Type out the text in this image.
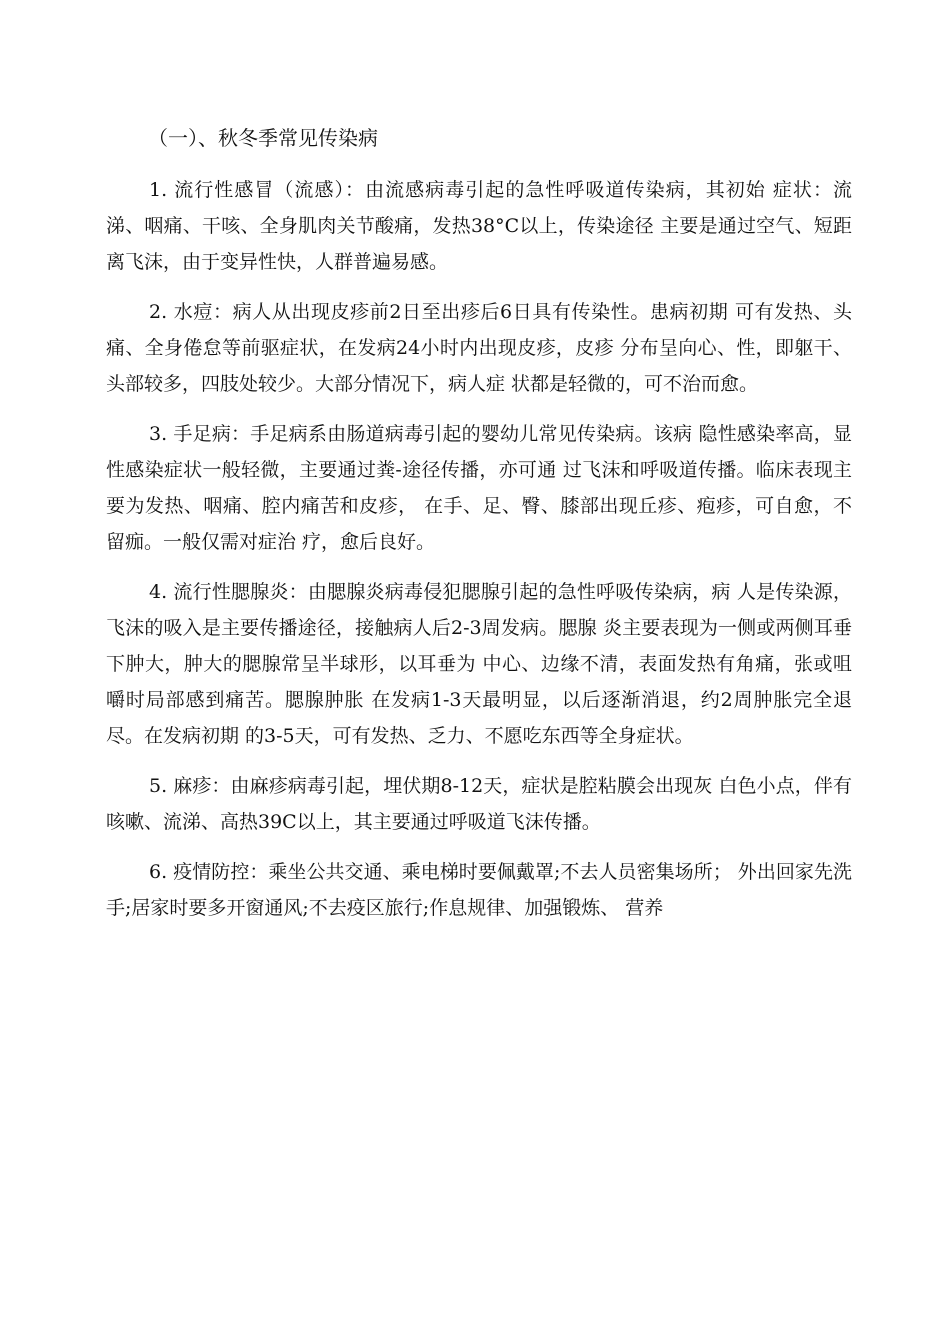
（一）、秋冬季常见传染病

1. 流行性感冒（流感）：由流感病毒引起的急性呼吸道传染病，其初始 症状：流涕、咽痛、干咳、全身肌肉关节酸痛，发热38°C以上，传染途径 主要是通过空气、短距离飞沫，由于变异性快，人群普遍易感。

2. 水痘：病人从出现皮疹前2日至出疹后6日具有传染性。患病初期 可有发热、头痛、全身倦怠等前驱症状，在发病24小时内出现皮疹，皮疹 分布呈向心、性，即躯干、头部较多，四肢处较少。大部分情况下，病人症 状都是轻微的，可不治而愈。

3. 手足病：手足病系由肠道病毒引起的婴幼儿常见传染病。该病 隐性感染率高，显性感染症状一般轻微，主要通过粪-途径传播，亦可通 过飞沫和呼吸道传播。临床表现主要为发热、咽痛、腔内痛苦和皮疹， 在手、足、臀、膝部出现丘疹、疱疹，可自愈，不留痂。一般仅需对症治 疗，愈后良好。

4. 流行性腮腺炎：由腮腺炎病毒侵犯腮腺引起的急性呼吸传染病，病 人是传染源，飞沫的吸入是主要传播途径，接触病人后2-3周发病。腮腺 炎主要表现为一侧或两侧耳垂下肿大，肿大的腮腺常呈半球形，以耳垂为 中心、边缘不清，表面发热有角痛，张或咀嚼时局部感到痛苦。腮腺肿胀 在发病1-3天最明显，以后逐渐消退，约2周肿胀完全退尽。在发病初期 的3-5天，可有发热、乏力、不愿吃东西等全身症状。

5. 麻疹：由麻疹病毒引起，埋伏期8-12天，症状是腔粘膜会出现灰 白色小点，伴有咳嗽、流涕、高热39C以上，其主要通过呼吸道飞沫传播。

6. 疫情防控：乘坐公共交通、乘电梯时要佩戴罩;不去人员密集场所； 外出回家先洗手;居家时要多开窗通风;不去疫区旅行;作息规律、加强锻炼、 营养
